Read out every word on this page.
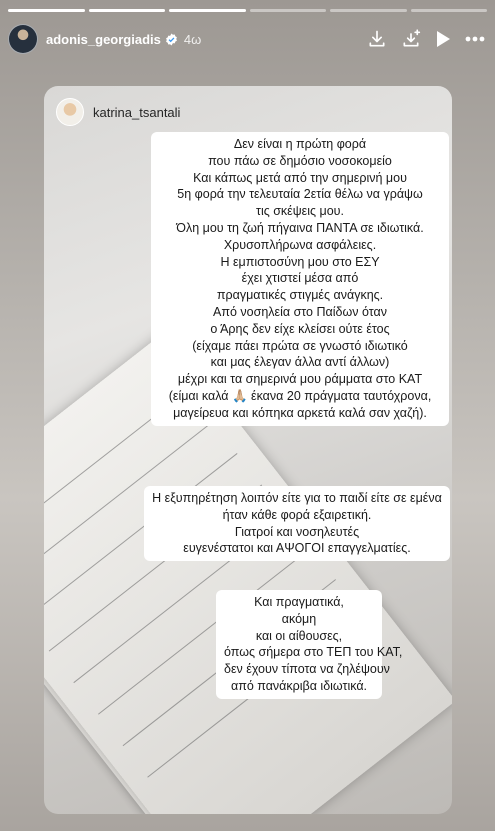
adonis_georgiadis 4ω
katrina_tsantali
Δεν είναι η πρώτη φορά
που πάω σε δημόσιο νοσοκομείο
Και κάπως μετά από την σημερινή μου
5η φορά την τελευταία 2ετία θέλω να γράψω
τις σκέψεις μου.
Όλη μου τη ζωή πήγαινα ΠΑΝΤΑ σε ιδιωτικά.
Χρυσοπλήρωνα ασφάλειες.
Η εμπιστοσύνη μου στο ΕΣΥ
έχει χτιστεί μέσα από
πραγματικές στιγμές ανάγκης.
Από νοσηλεία στο Παίδων όταν
ο Άρης δεν είχε κλείσει ούτε έτος
(είχαμε πάει πρώτα σε γνωστό ιδιωτικό
και μας έλεγαν άλλα αντί άλλων)
μέχρι και τα σημερινά μου ράμματα στο ΚΑΤ
(είμαι καλά 🙏🏼 έκανα 20 πράγματα ταυτόχρονα,
μαγείρευα και κόπηκα αρκετά καλά σαν χαζή).
Η εξυπηρέτηση λοιπόν είτε για το παιδί είτε σε εμένα
ήταν κάθε φορά εξαιρετική.
Γιατροί και νοσηλευτές
ευγενέστατοι και ΑΨΟΓΟΙ επαγγελματίες.
Και πραγματικά,
ακόμη
και οι αίθουσες,
όπως σήμερα στο ΤΕΠ του ΚΑΤ,
δεν έχουν τίποτα να ζηλέψουν
από πανάκριβα ιδιωτικά.
